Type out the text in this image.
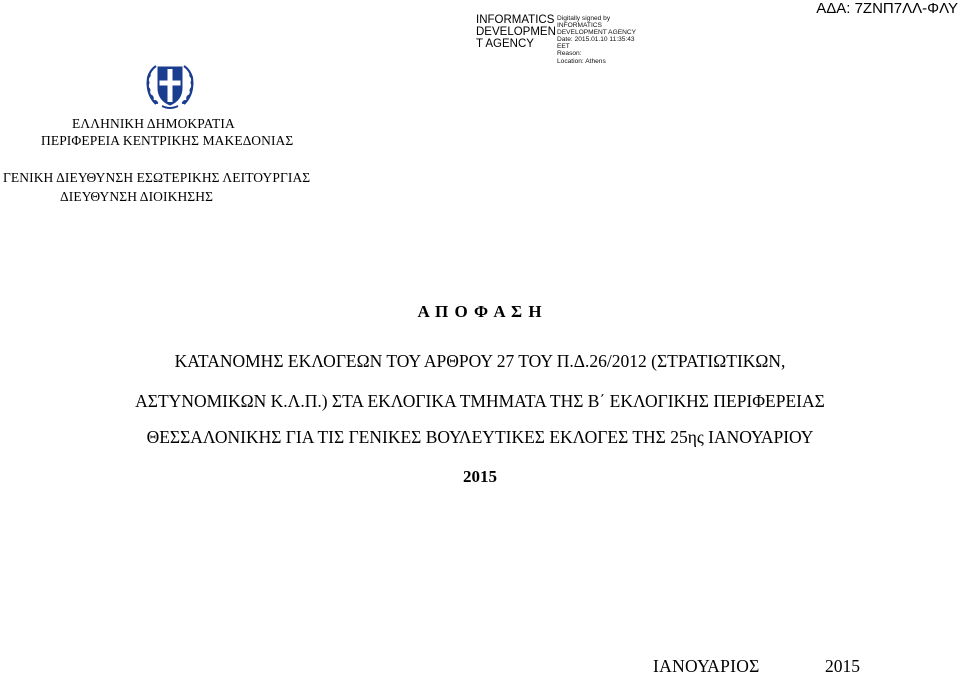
INFORMATICS
DEVELOPMEN
T AGENCY
Digitally signed by
INFORMATICS
DEVELOPMENT AGENCY
Date: 2015.01.10 11:35:43
EET
Reason:
Location: Athens
ΑΔΑ: 7ΖΝΠ7ΛΛ-ΦΛΥ
ΕΛΛΗΝΙΚΗ ΔΗΜΟΚΡΑΤΙΑ
ΠΕΡΙΦΕΡΕΙΑ ΚΕΝΤΡΙΚΗΣ ΜΑΚΕΔΟΝΙΑΣ
ΓΕΝΙΚΗ ΔΙΕΥΘΥΝΣΗ ΕΣΩΤΕΡΙΚΗΣ ΛΕΙΤΟΥΡΓΙΑΣ
ΔΙΕΥΘΥΝΣΗ ΔΙΟΙΚΗΣΗΣ
Α Π Ο Φ Α Σ Η
ΚΑΤΑΝΟΜΗΣ ΕΚΛΟΓΕΩΝ ΤΟΥ ΑΡΘΡΟΥ 27 ΤΟΥ Π.Δ.26/2012 (ΣΤΡΑΤΙΩΤΙΚΩΝ,
ΑΣΤΥΝΟΜΙΚΩΝ Κ.Λ.Π.) ΣΤΑ ΕΚΛΟΓΙΚΑ ΤΜΗΜΑΤΑ ΤΗΣ Β΄ ΕΚΛΟΓΙΚΗΣ ΠΕΡΙΦΕΡΕΙΑΣ
ΘΕΣΣΑΛΟΝΙΚΗΣ ΓΙΑ ΤΙΣ ΓΕΝΙΚΕΣ ΒΟΥΛΕΥΤΙΚΕΣ ΕΚΛΟΓΕΣ ΤΗΣ 25ης ΙΑΝΟΥΑΡΙΟΥ
2015
ΙΑΝΟΥΑΡΙΟΣ	2015
